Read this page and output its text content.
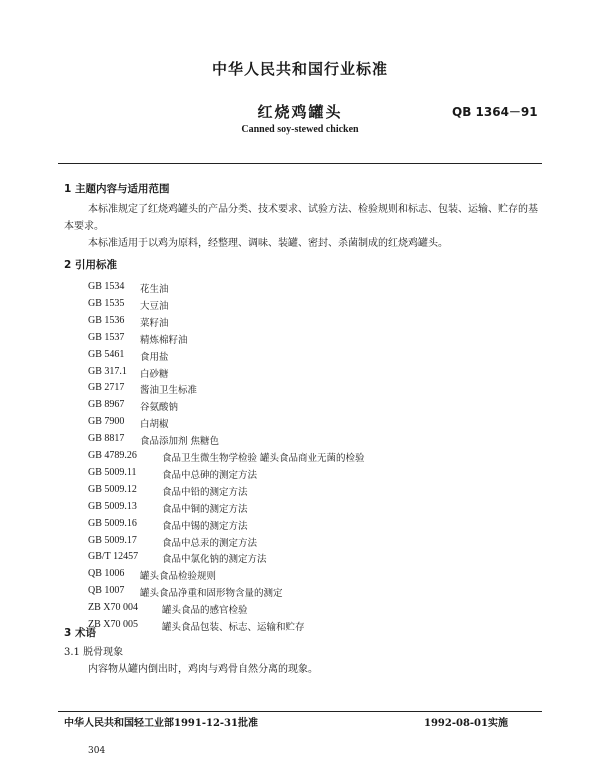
中华人民共和国行业标准
红烧鸡罐头	QB 1364－91
Canned soy-stewed chicken
1 主题内容与适用范围
本标准规定了红烧鸡罐头的产品分类、技术要求、试验方法、检验规则和标志、包装、运输、贮存的基
本要求。
本标准适用于以鸡为原料，经整理、调味、装罐、密封、杀菌制成的红烧鸡罐头。
2 引用标准
GB 1534	花生油
GB 1535	大豆油
GB 1536	菜籽油
GB 1537	精炼棉籽油
GB 5461	食用盐
GB 317.1	白砂糖
GB 2717	酱油卫生标准
GB 8967	谷氨酸钠
GB 7900	白胡椒
GB 8817	食品添加剂 焦糖色
GB 4789.26	食品卫生微生物学检验 罐头食品商业无菌的检验
GB 5009.11	食品中总砷的测定方法
GB 5009.12	食品中铅的测定方法
GB 5009.13	食品中铜的测定方法
GB 5009.16	食品中锡的测定方法
GB 5009.17	食品中总汞的测定方法
GB/T 12457	食品中氯化钠的测定方法
QB 1006	罐头食品检验规则
QB 1007	罐头食品净重和固形物含量的测定
ZB X70 004	罐头食品的感官检验
ZB X70 005	罐头食品包装、标志、运输和贮存
3 术语
3.1 脱骨现象
内容物从罐内倒出时，鸡肉与鸡骨自然分离的现象。
中华人民共和国轻工业部1991-12-31批准	1992-08-01实施
304
